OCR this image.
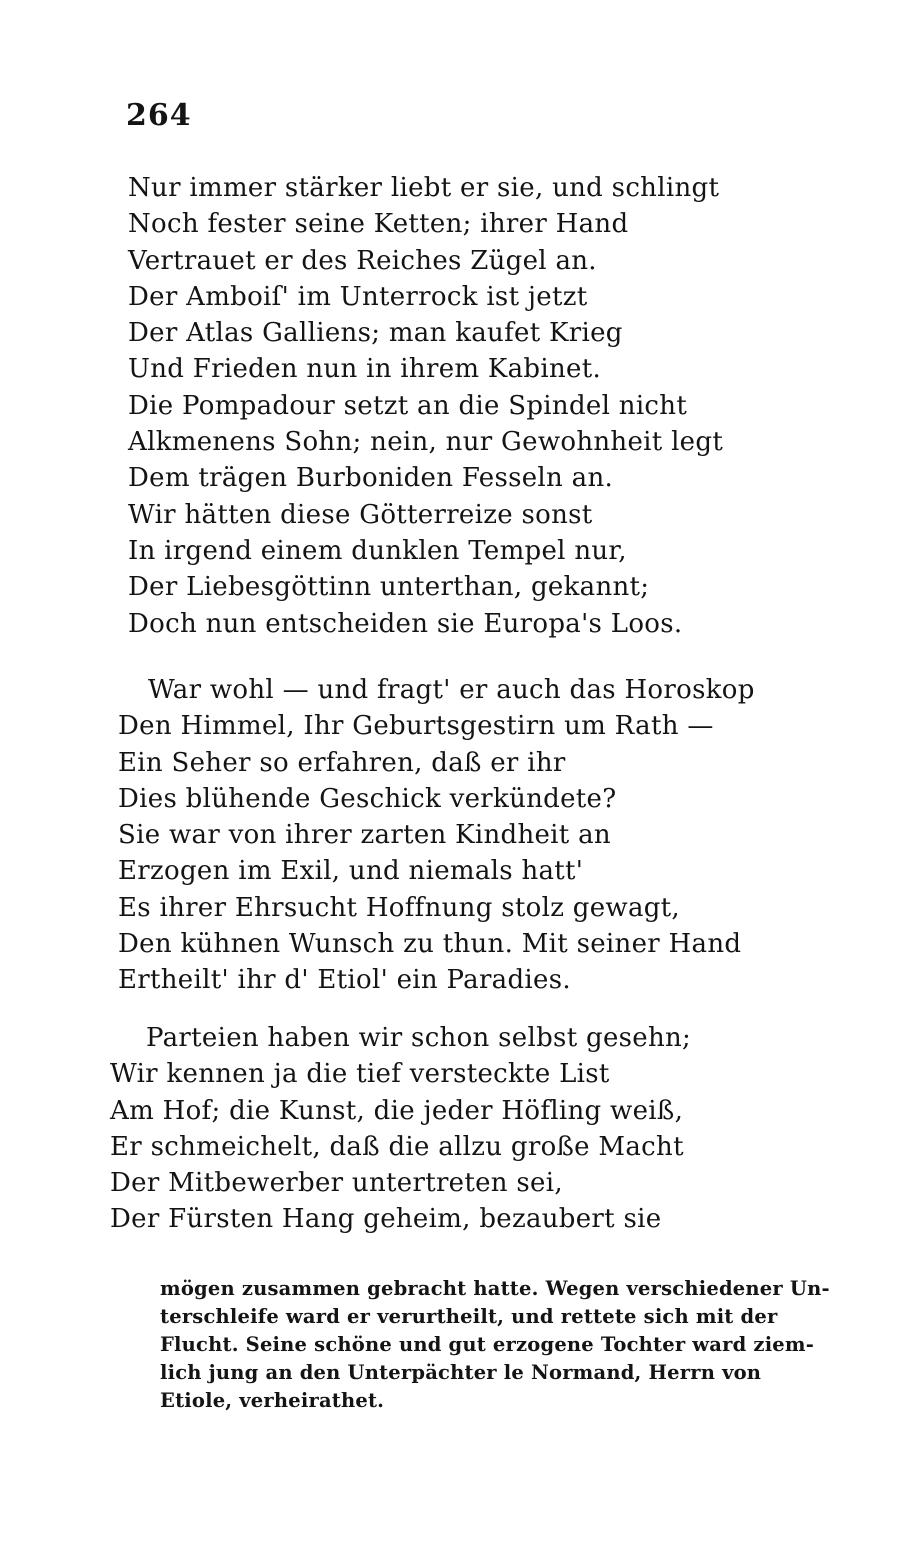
264
Nur immer stärker liebt er sie, und schlingt
Noch fester seine Ketten; ihrer Hand
Vertrauet er des Reiches Zügel an.
Der Amboiſ' im Unterrock ist jetzt
Der Atlas Galliens; man kaufet Krieg
Und Frieden nun in ihrem Kabinet.
Die Pompadour setzt an die Spindel nicht
Alkmenens Sohn; nein, nur Gewohnheit legt
Dem trägen Burboniden Fesseln an.
Wir hätten diese Götterreize sonst
In irgend einem dunklen Tempel nur,
Der Liebesgöttinn unterthan, gekannt;
Doch nun entscheiden sie Europa's Loos.
War wohl — und fragt' er auch das Horoskop
Den Himmel, Ihr Geburtsgestirn um Rath —
Ein Seher so erfahren, daß er ihr
Dies blühende Geschick verkündete?
Sie war von ihrer zarten Kindheit an
Erzogen im Exil, und niemals hatt'
Es ihrer Ehrsucht Hoffnung stolz gewagt,
Den kühnen Wunsch zu thun. Mit seiner Hand
Ertheilt' ihr d' Etiol' ein Paradies.
Parteien haben wir schon selbst gesehn;
Wir kennen ja die tief versteckte List
Am Hof; die Kunst, die jeder Höfling weiß,
Er schmeichelt, daß die allzu große Macht
Der Mitbewerber untertreten sei,
Der Fürsten Hang geheim, bezaubert sie
mögen zusammen gebracht hatte. Wegen verschiedener Un-
terschleife ward er verurtheilt, und rettete sich mit der
Flucht. Seine schöne und gut erzogene Tochter ward ziem-
lich jung an den Unterpächter le Normand, Herrn von
Etiole, verheirathet.
